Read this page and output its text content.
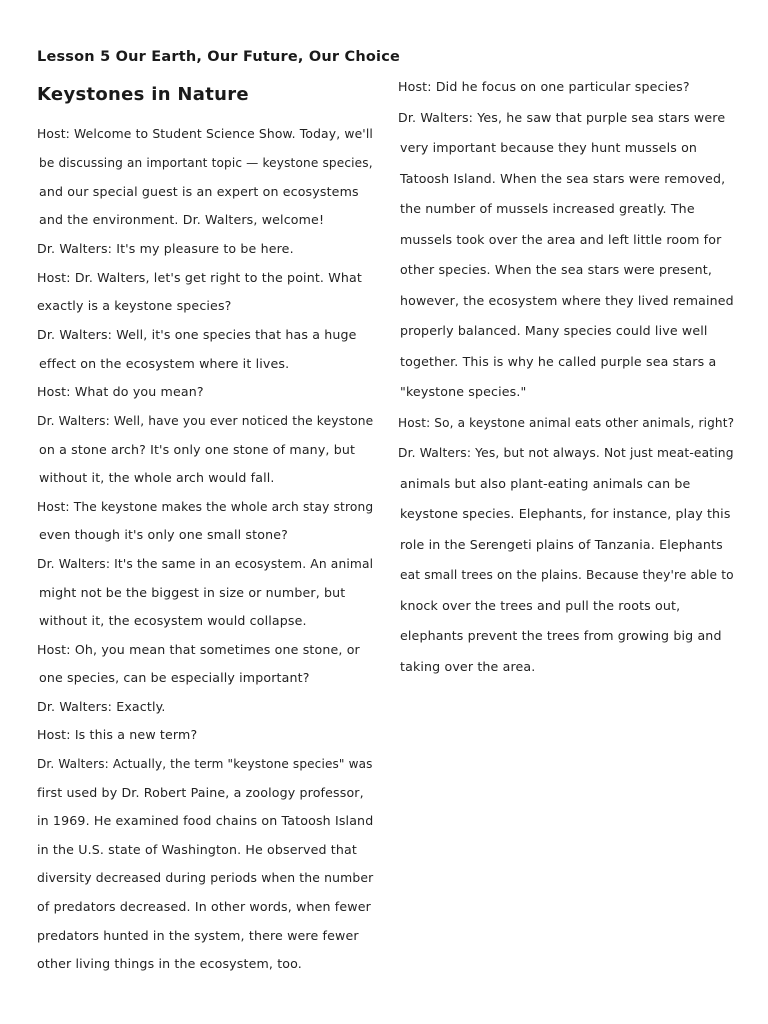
Lesson 5 Our Earth, Our Future, Our Choice
Keystones in Nature
Host: Welcome to Student Science Show. Today, we'll
be discussing an important topic — keystone species,
and our special guest is an expert on ecosystems
and the environment. Dr. Walters, welcome!
Dr. Walters: It's my pleasure to be here.
Host: Dr. Walters, let's get right to the point. What
exactly is a keystone species?
Dr. Walters: Well, it's one species that has a huge
effect on the ecosystem where it lives.
Host: What do you mean?
Dr. Walters: Well, have you ever noticed the keystone
on a stone arch? It's only one stone of many, but
without it, the whole arch would fall.
Host: The keystone makes the whole arch stay strong
even though it's only one small stone?
Dr. Walters: It's the same in an ecosystem. An animal
might not be the biggest in size or number, but
without it, the ecosystem would collapse.
Host: Oh, you mean that sometimes one stone, or
one species, can be especially important?
Dr. Walters: Exactly.
Host: Is this a new term?
Dr. Walters: Actually, the term "keystone species" was
first used by Dr. Robert Paine, a zoology professor,
in 1969. He examined food chains on Tatoosh Island
in the U.S. state of Washington. He observed that
diversity decreased during periods when the number
of predators decreased. In other words, when fewer
predators hunted in the system, there were fewer
other living things in the ecosystem, too.
Host: Did he focus on one particular species?
Dr. Walters: Yes, he saw that purple sea stars were
very important because they hunt mussels on
Tatoosh Island. When the sea stars were removed,
the number of mussels increased greatly. The
mussels took over the area and left little room for
other species. When the sea stars were present,
however, the ecosystem where they lived remained
properly balanced. Many species could live well
together. This is why he called purple sea stars a
"keystone species."
Host: So, a keystone animal eats other animals, right?
Dr. Walters: Yes, but not always. Not just meat-eating
animals but also plant-eating animals can be
keystone species. Elephants, for instance, play this
role in the Serengeti plains of Tanzania. Elephants
eat small trees on the plains. Because they're able to
knock over the trees and pull the roots out,
elephants prevent the trees from growing big and
taking over the area.
